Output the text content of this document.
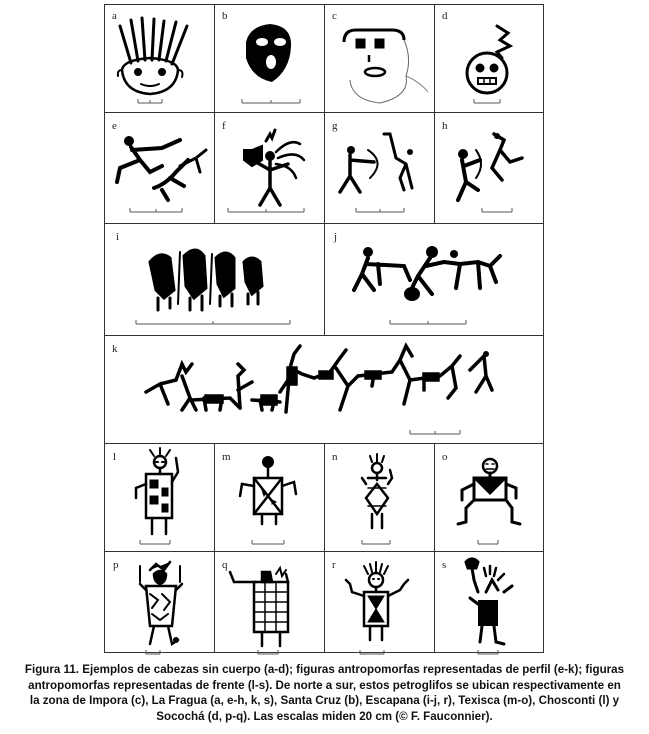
a	b	c	d
e	f	g	h
i	j
k
l	m	n	o
p	q	r	s
Figura 11. Ejemplos de cabezas sin cuerpo (a-d); figuras antropomorfas representadas de perfil (e-k); figuras
antropomorfas representadas de frente (l-s). De norte a sur, estos petroglifos se ubican respectivamente en
la zona de Impora (c), La Fragua (a, e-h, k, s), Santa Cruz (b), Escapana (i-j, r), Texisca (m-o), Chosconti (l) y
Socochá (d, p-q). Las escalas miden 20 cm (© F. Fauconnier).
